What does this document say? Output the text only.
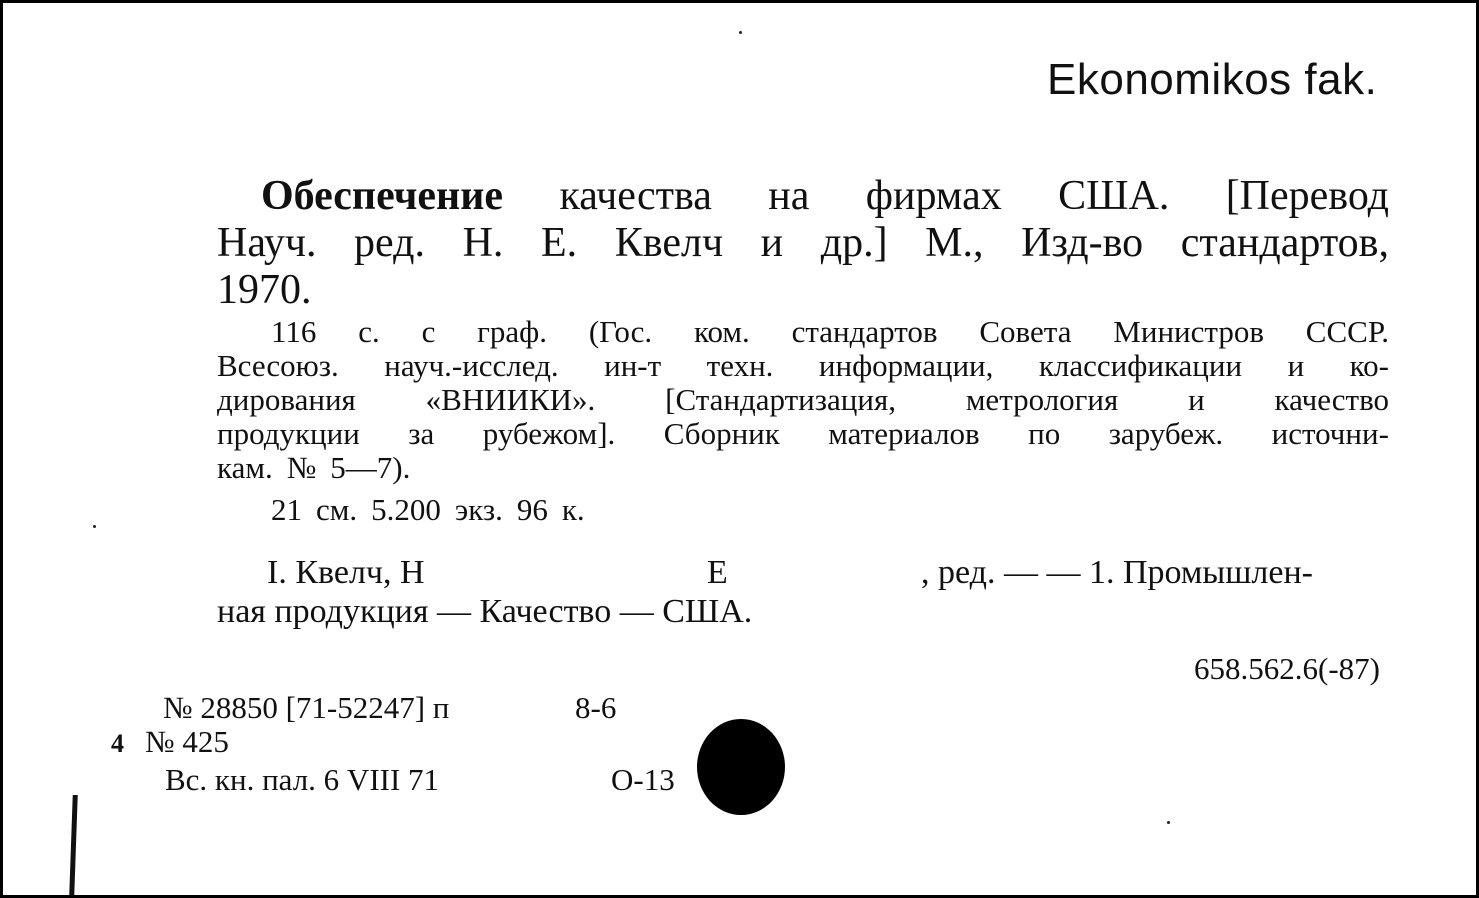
Ekonomikos fak.
Обеспечение качества на фирмах США. [Перевод
Науч. ред. Н. Е. Квелч и др.] М., Изд-во стандартов,
1970.
116 с. с граф. (Гос. ком. стандартов Совета Министров СССР.
Всесоюз. науч.-исслед. ин-т техн. информации, классификации и ко-
дирования «ВНИИКИ». [Стандартизация, метрология и качество
продукции за рубежом]. Сборник материалов по зарубеж. источни-
кам. № 5—7).
21 см. 5.200 экз. 96 к.
I. Квелч, Н	Е	, ред. — — 1. Промышлен-
ная продукция — Качество — США.
658.562.6(-87)
№ 28850 [71-52247] п	8-6
4 № 425
Вс. кн. пал. 6 VIII 71	О-13
